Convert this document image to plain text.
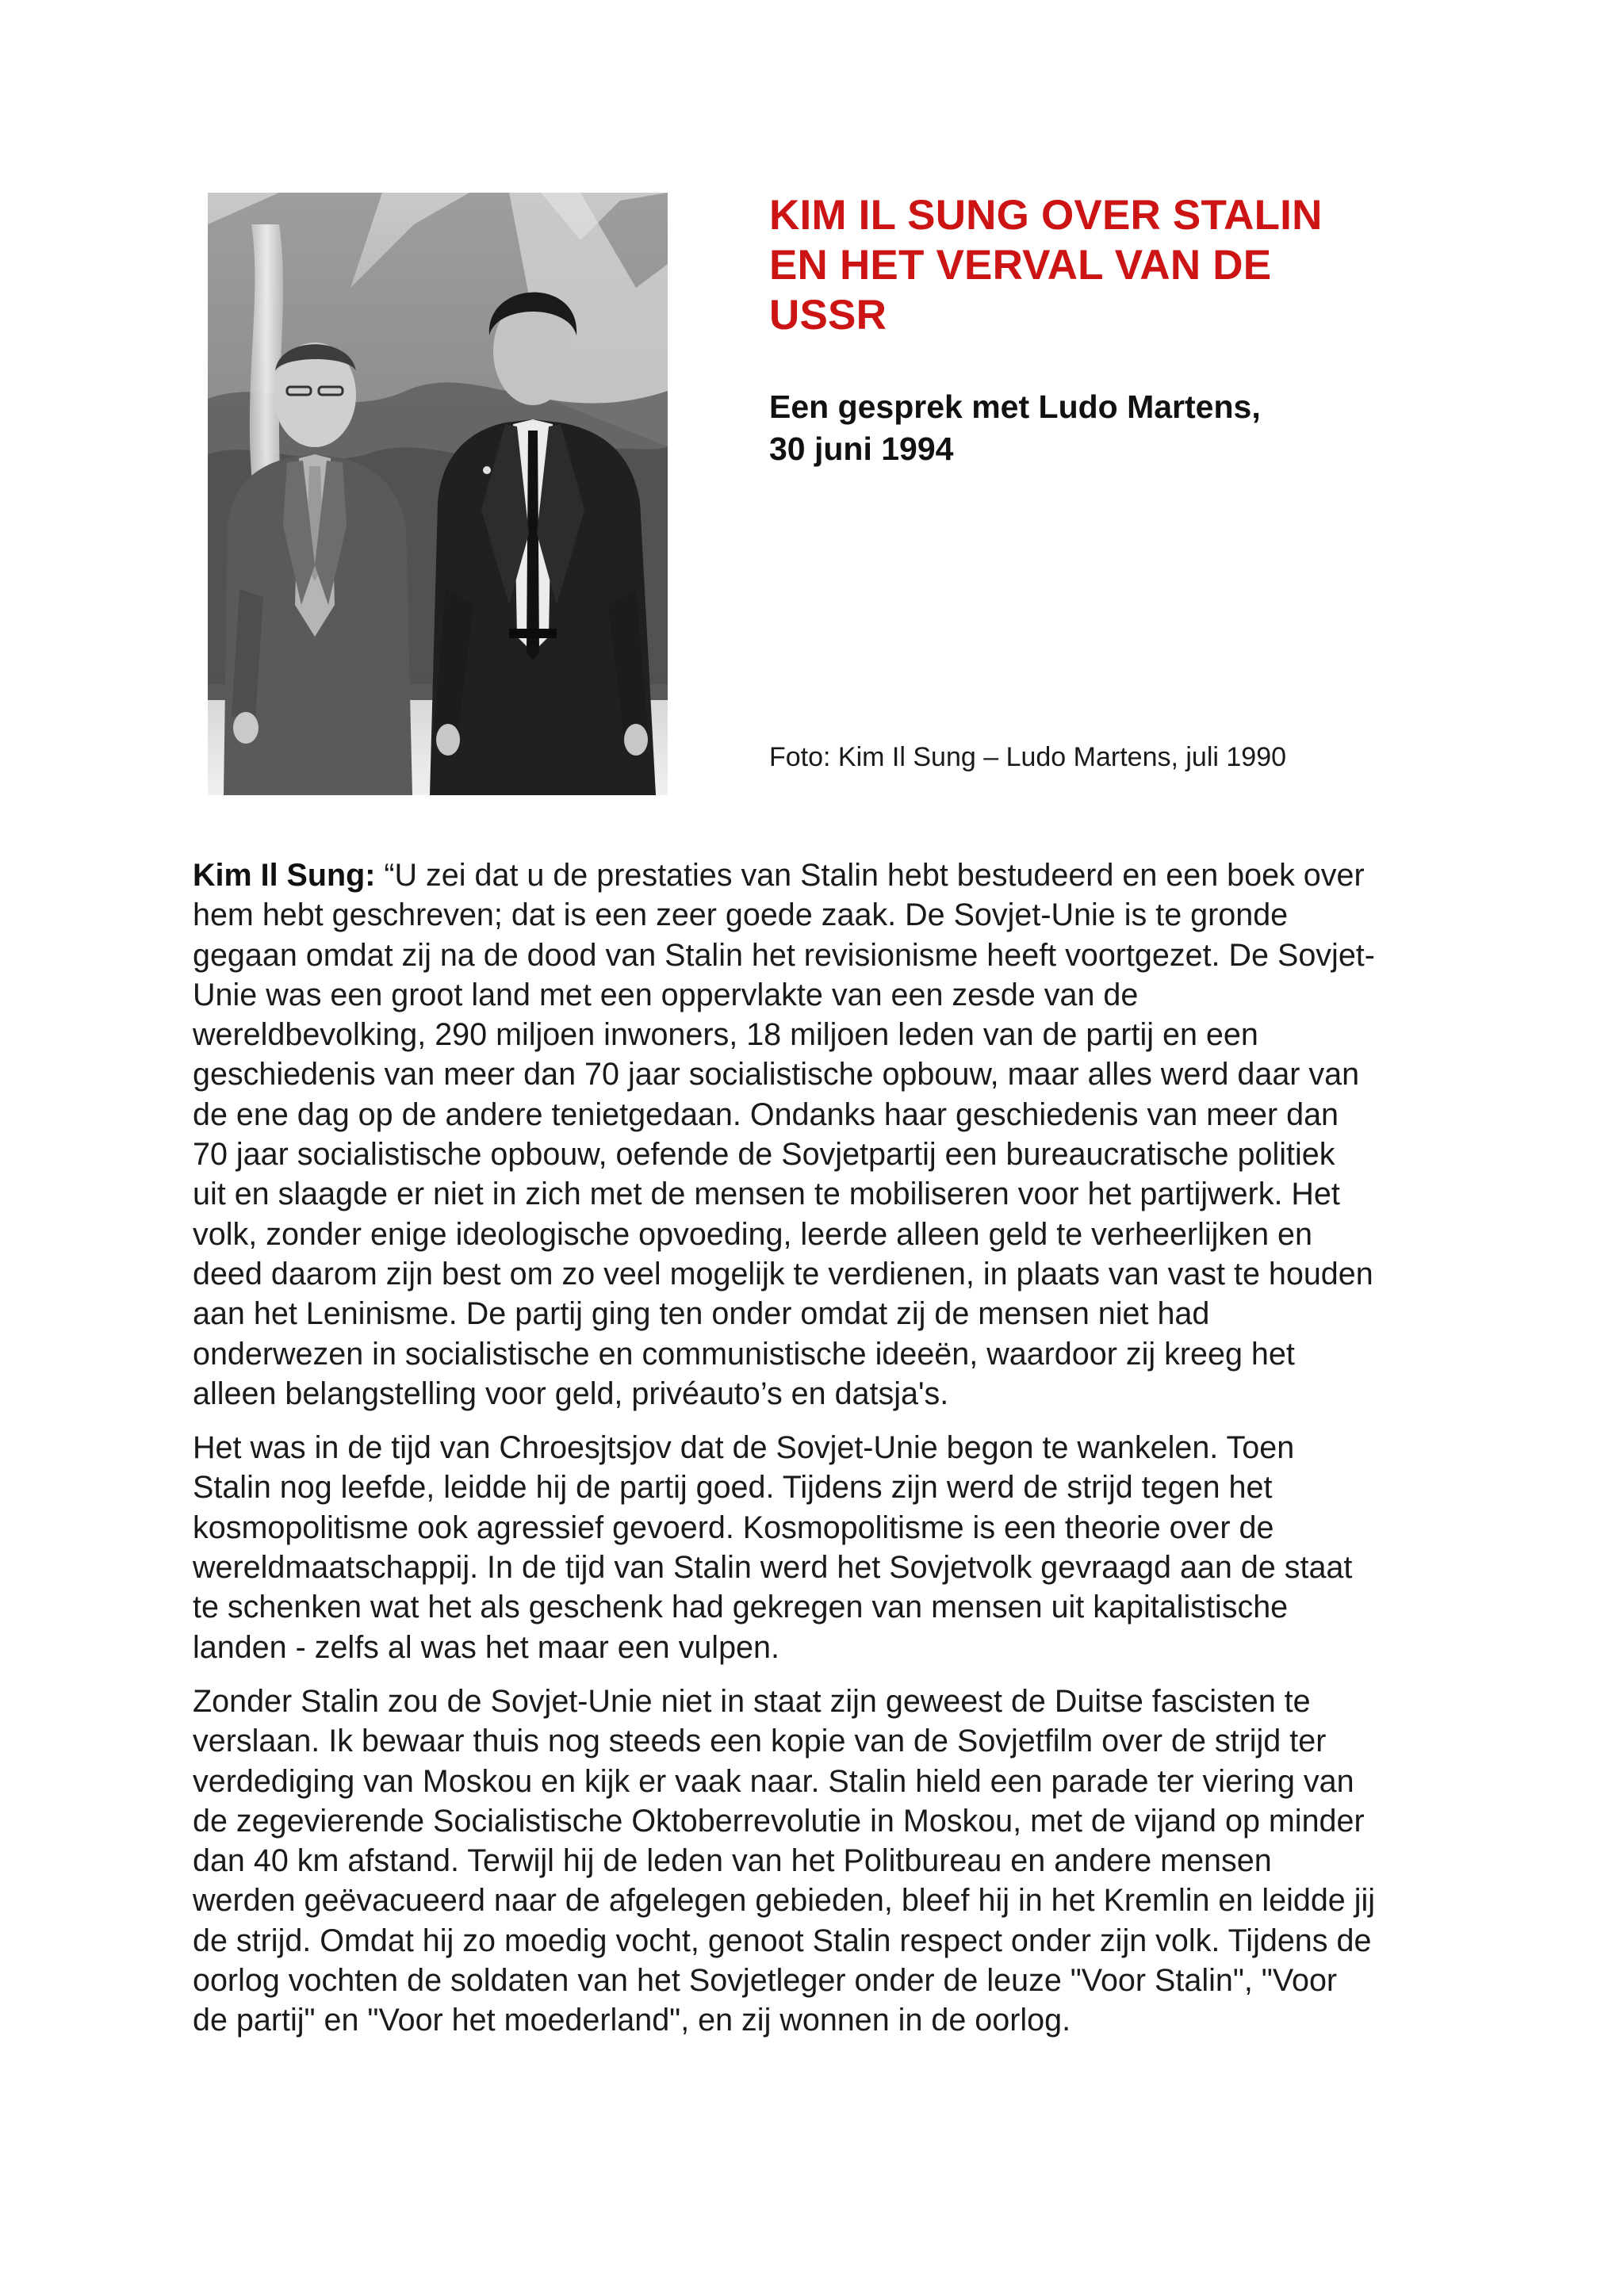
KIM IL SUNG OVER STALIN
EN HET VERVAL VAN DE
USSR
Een gesprek met Ludo Martens,
30 juni 1994
Foto: Kim Il Sung – Ludo Martens, juli 1990

Kim Il Sung: “U zei dat u de prestaties van Stalin hebt bestudeerd en een boek over
hem hebt geschreven; dat is een zeer goede zaak. De Sovjet-Unie is te gronde
gegaan omdat zij na de dood van Stalin het revisionisme heeft voortgezet. De Sovjet-
Unie was een groot land met een oppervlakte van een zesde van de
wereldbevolking, 290 miljoen inwoners, 18 miljoen leden van de partij en een
geschiedenis van meer dan 70 jaar socialistische opbouw, maar alles werd daar van
de ene dag op de andere tenietgedaan. Ondanks haar geschiedenis van meer dan
70 jaar socialistische opbouw, oefende de Sovjetpartij een bureaucratische politiek
uit en slaagde er niet in zich met de mensen te mobiliseren voor het partijwerk. Het
volk, zonder enige ideologische opvoeding, leerde alleen geld te verheerlijken en
deed daarom zijn best om zo veel mogelijk te verdienen, in plaats van vast te houden
aan het Leninisme. De partij ging ten onder omdat zij de mensen niet had
onderwezen in socialistische en communistische ideeën, waardoor zij kreeg het
alleen belangstelling voor geld, privéauto’s en datsja's.

Het was in de tijd van Chroesjtsjov dat de Sovjet-Unie begon te wankelen. Toen
Stalin nog leefde, leidde hij de partij goed. Tijdens zijn werd de strijd tegen het
kosmopolitisme ook agressief gevoerd. Kosmopolitisme is een theorie over de
wereldmaatschappij. In de tijd van Stalin werd het Sovjetvolk gevraagd aan de staat
te schenken wat het als geschenk had gekregen van mensen uit kapitalistische
landen - zelfs al was het maar een vulpen.

Zonder Stalin zou de Sovjet-Unie niet in staat zijn geweest de Duitse fascisten te
verslaan. Ik bewaar thuis nog steeds een kopie van de Sovjetfilm over de strijd ter
verdediging van Moskou en kijk er vaak naar. Stalin hield een parade ter viering van
de zegevierende Socialistische Oktoberrevolutie in Moskou, met de vijand op minder
dan 40 km afstand. Terwijl hij de leden van het Politbureau en andere mensen
werden geëvacueerd naar de afgelegen gebieden, bleef hij in het Kremlin en leidde jij
de strijd. Omdat hij zo moedig vocht, genoot Stalin respect onder zijn volk. Tijdens de
oorlog vochten de soldaten van het Sovjetleger onder de leuze "Voor Stalin", "Voor
de partij" en "Voor het moederland", en zij wonnen in de oorlog.
